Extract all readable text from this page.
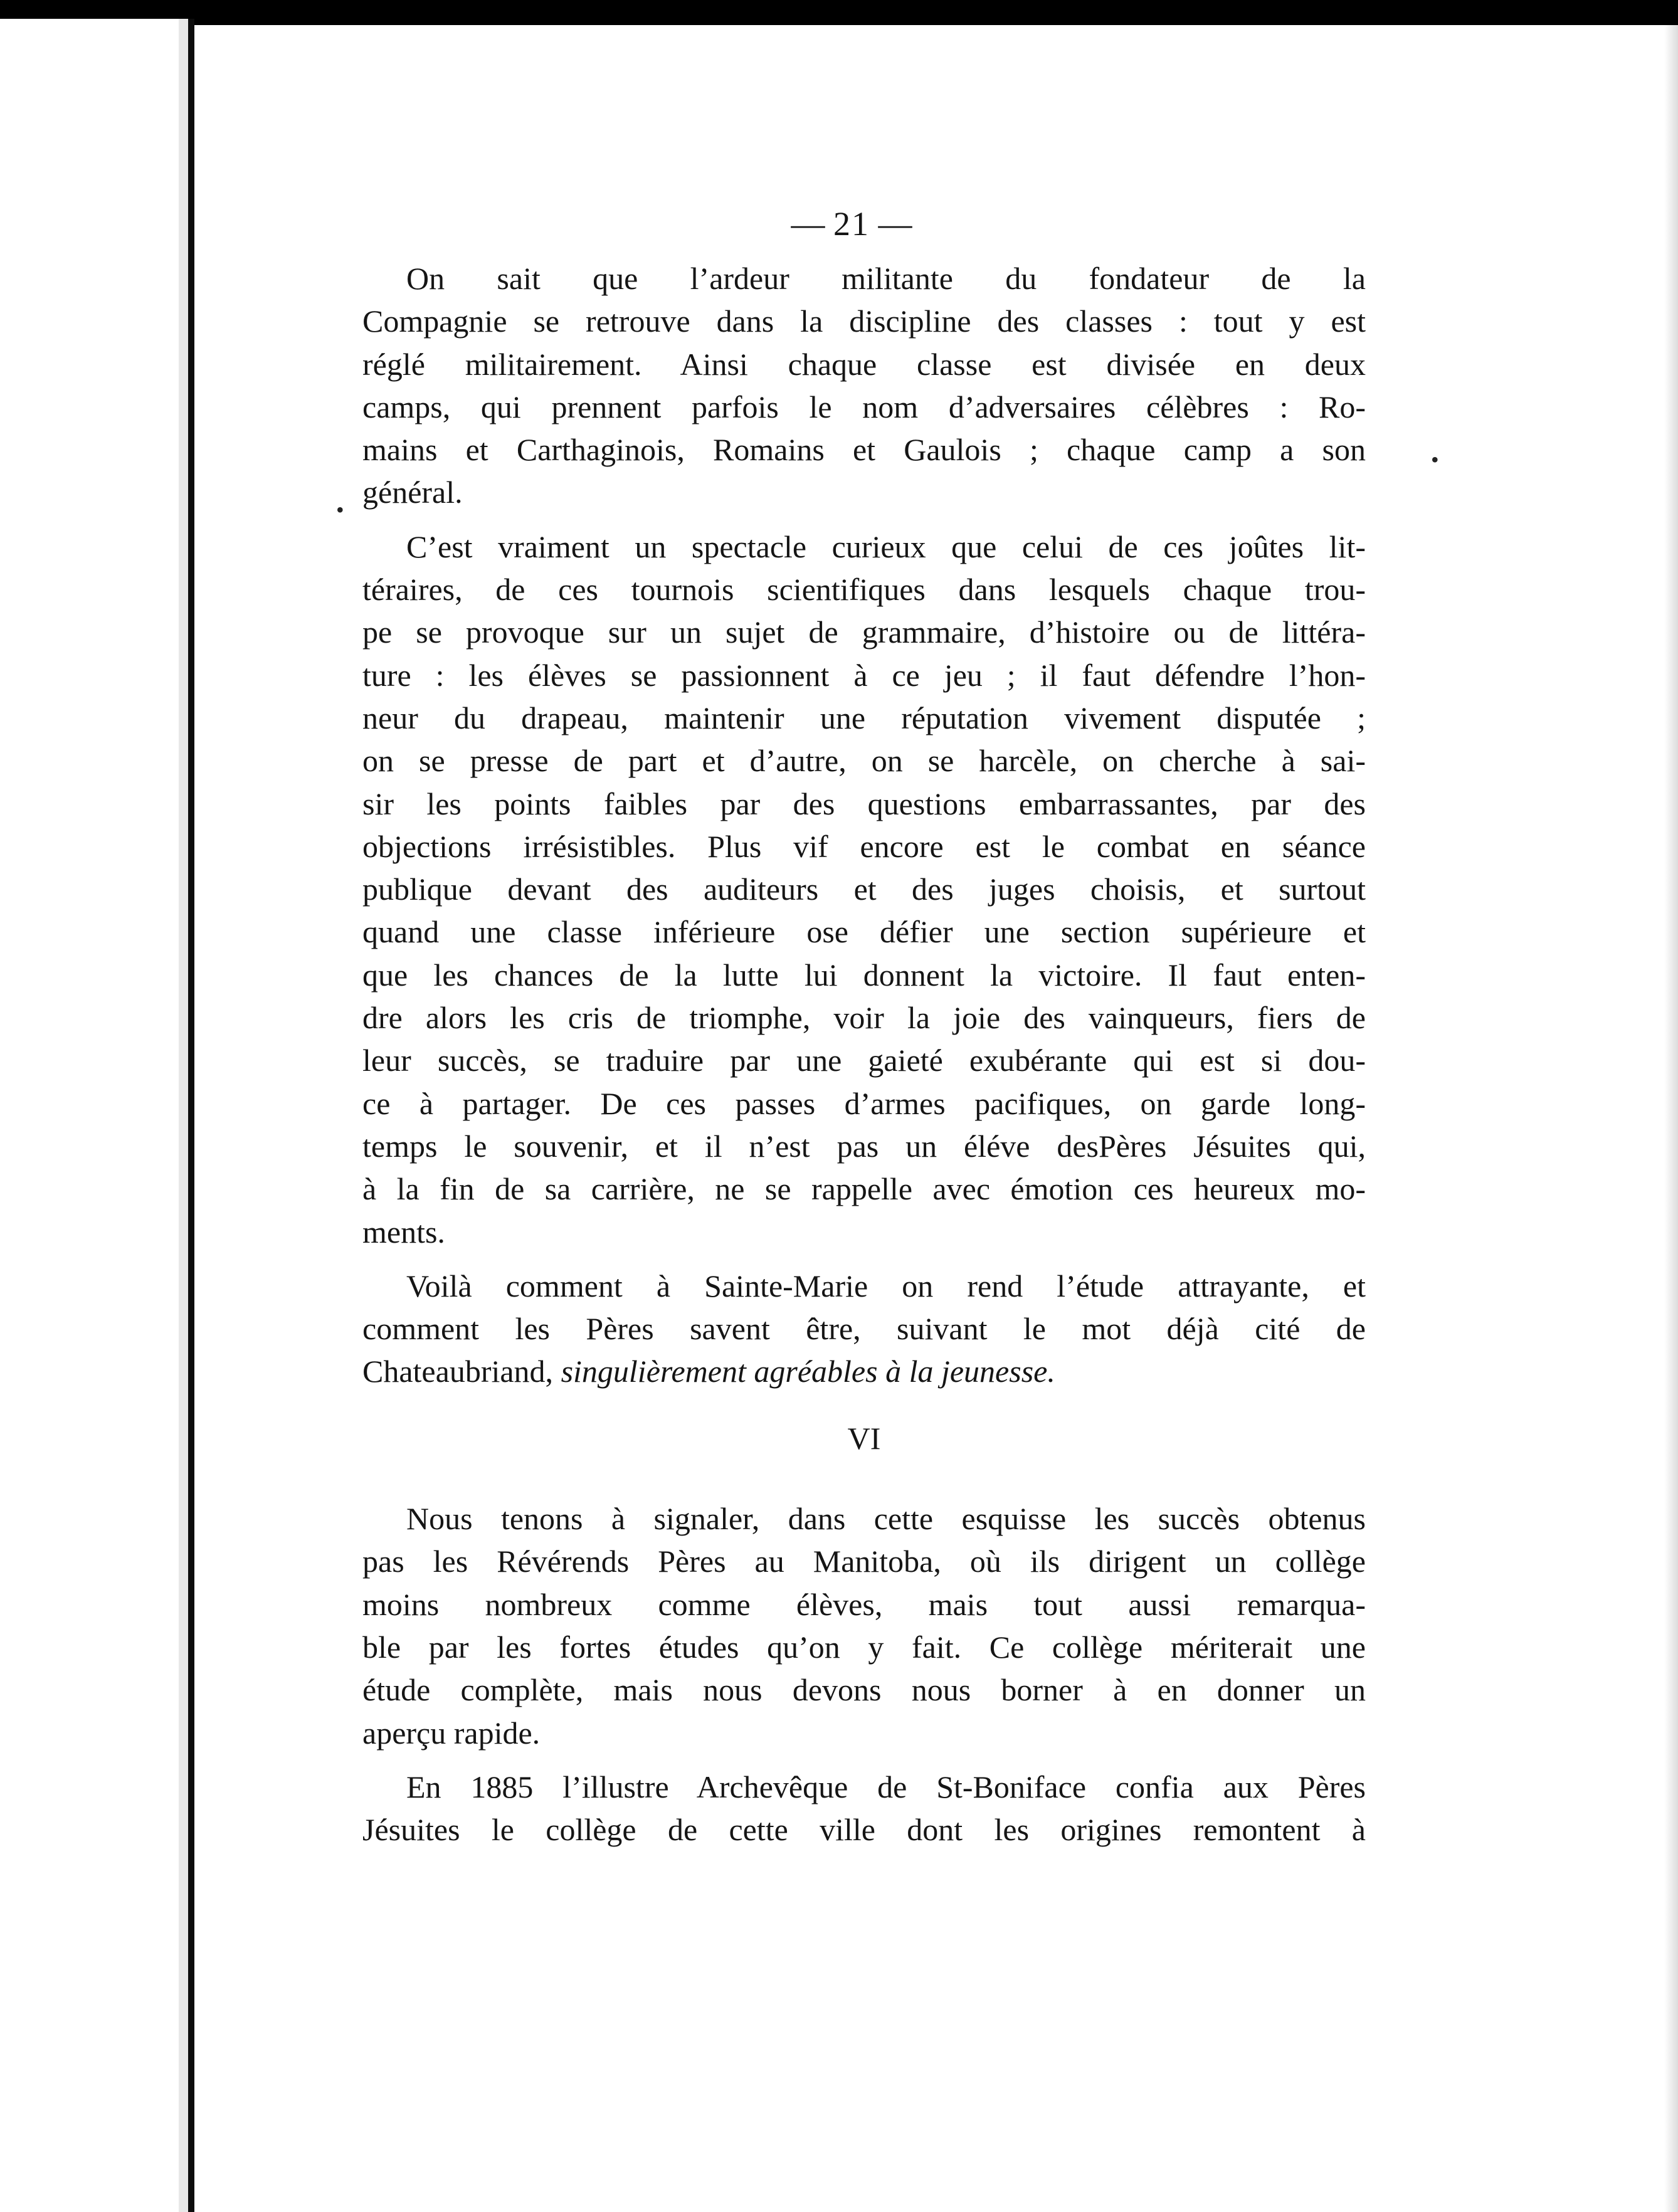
•
•
— 21 —

On sait que l’ardeur militante du fondateur de la

Compagnie se retrouve dans la discipline des classes : tout y est

réglé militairement. Ainsi chaque classe est divisée en deux

camps, qui prennent parfois le nom d’adversaires célèbres : Ro-

mains et Carthaginois, Romains et Gaulois ; chaque camp a son

général.

C’est vraiment un spectacle curieux que celui de ces joûtes lit-

téraires, de ces tournois scientifiques dans lesquels chaque trou-

pe se provoque sur un sujet de grammaire, d’histoire ou de littéra-

ture : les élèves se passionnent à ce jeu ; il faut défendre l’hon-

neur du drapeau, maintenir une réputation vivement disputée ;

on se presse de part et d’autre, on se harcèle, on cherche à sai-

sir les points faibles par des questions embarrassantes, par des

objections irrésistibles. Plus vif encore est le combat en séance

publique devant des auditeurs et des juges choisis, et surtout

quand une classe inférieure ose défier une section supérieure et

que les chances de la lutte lui donnent la victoire. Il faut enten-

dre alors les cris de triomphe, voir la joie des vainqueurs, fiers de

leur succès, se traduire par une gaieté exubérante qui est si dou-

ce à partager. De ces passes d’armes pacifiques, on garde long-

temps le souvenir, et il n’est pas un éléve desPères Jésuites qui,

à la fin de sa carrière, ne se rappelle avec émotion ces heureux mo-

ments.

Voilà comment à Sainte-Marie on rend l’étude attrayante, et

comment les Pères savent être, suivant le mot déjà cité de

Chateaubriand, singulièrement agréables à la jeunesse.

VI

Nous tenons à signaler, dans cette esquisse les succès obtenus

pas les Révérends Pères au Manitoba, où ils dirigent un collège

moins nombreux comme élèves, mais tout aussi remarqua-

ble par les fortes études qu’on y fait. Ce collège mériterait une

étude complète, mais nous devons nous borner à en donner un

aperçu rapide.

En 1885 l’illustre Archevêque de St-Boniface confia aux Pères

Jésuites le collège de cette ville dont les origines remontent à
